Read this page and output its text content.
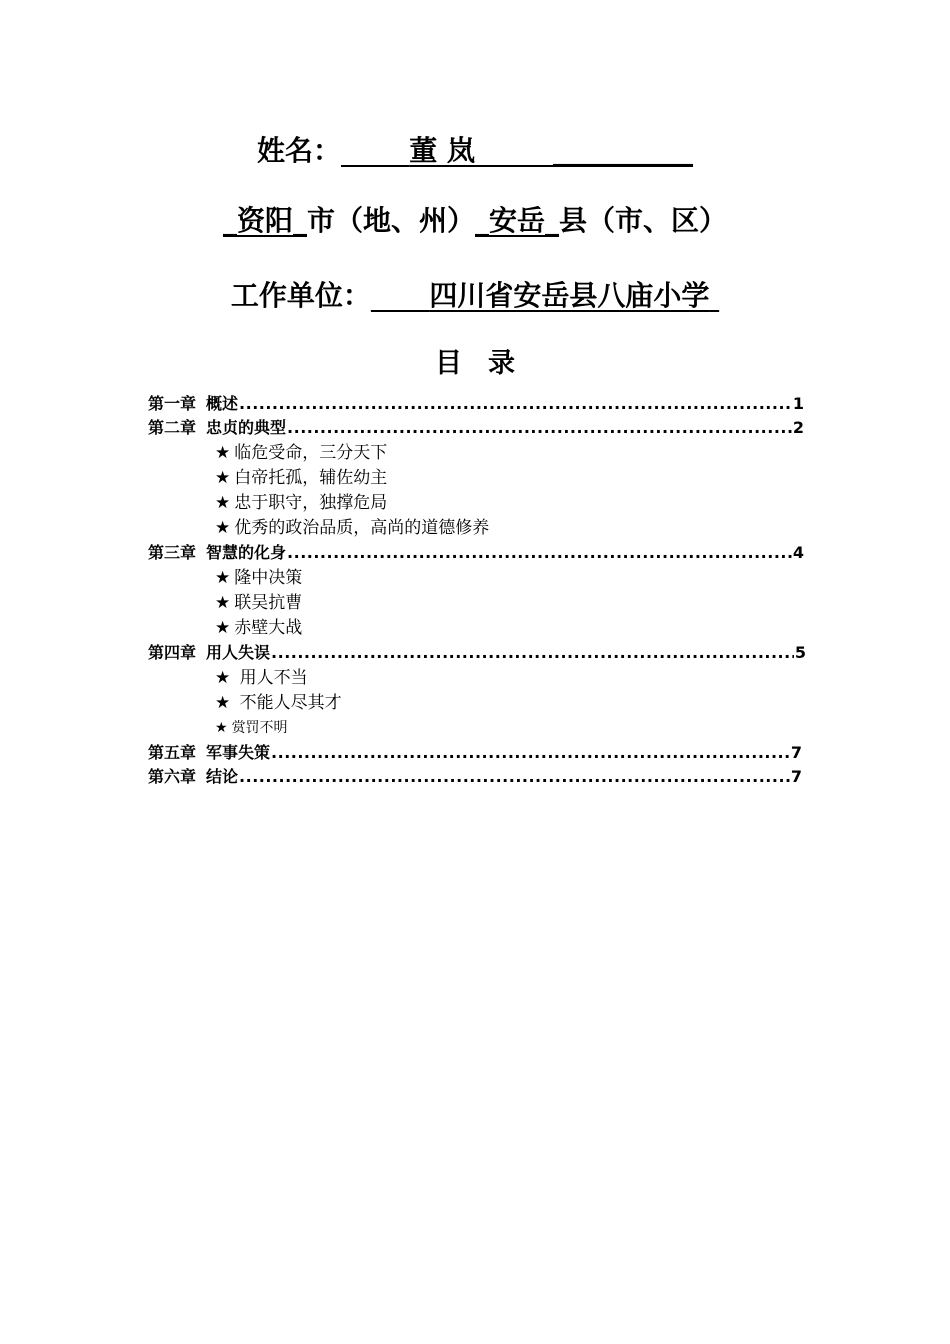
姓名： 董 岚        __________
_资阳_市（地、州）_安岳_县（市、区）
工作单位： 四川省安岳县八庙小学
目录
第一章 概述 .....	1
第二章 忠贞的典型 .....	2
★ 临危受命，三分天下
★ 白帝托孤，辅佐幼主
★ 忠于职守，独撑危局
★ 优秀的政治品质，高尚的道德修养
第三章 智慧的化身 .....	4
★ 隆中决策
★ 联吴抗曹
★ 赤壁大战
第四章 用人失误 .....	5
★ 用人不当
★ 不能人尽其才
★ 赏罚不明
第五章 军事失策 .....	7
第六章 结论 .....	7
